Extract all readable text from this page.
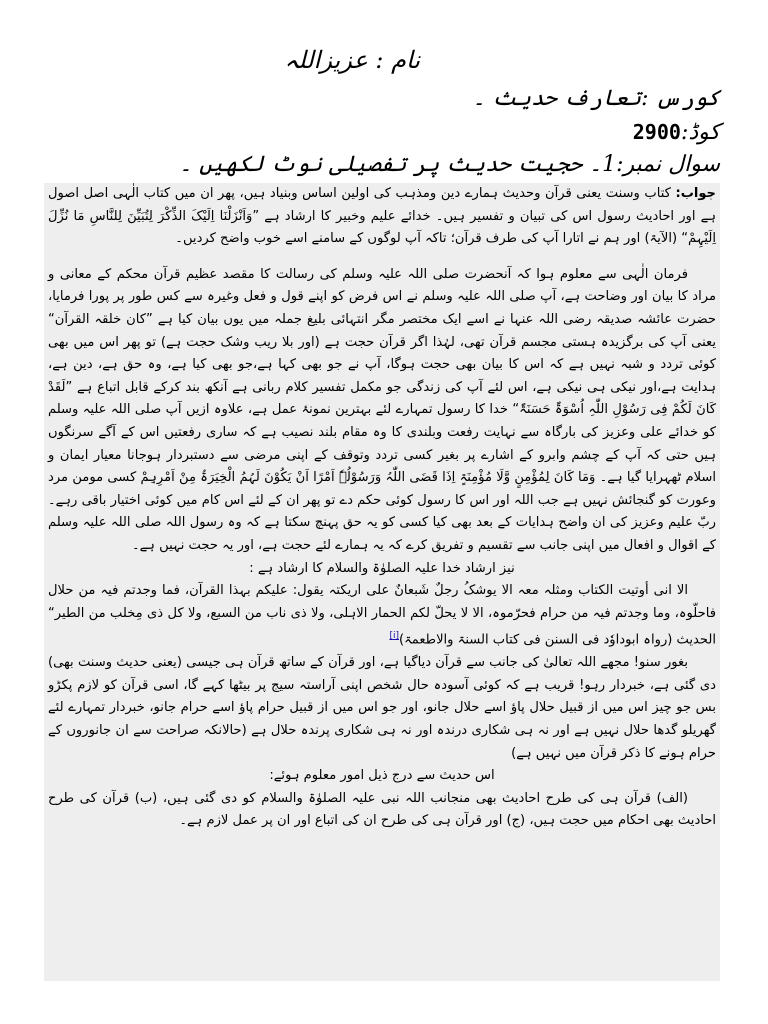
نام : عزیزاللہ
کورس :تعارف حدیث ۔
کوڈ:2900
سوال نمبر:1۔ حجیت حدیث پر تفصیلی نوٹ لکھیں ۔

جواب: کتاب وسنت یعنی قرآن وحدیث ہمارے دین ومذہب کی اولین اساس وبنیاد ہیں، پھر ان میں کتاب الٰہی اصل اصول ہے اور احادیث رسول اس کی تبیان و تفسیر ہیں۔ خدائے علیم وخبیر کا ارشاد ہے ”وَاَنْزَلْنَا اِلَیْکَ الذِّکْرَ لِتُبَیِّنَ لِلنَّاسِ مَا نُزِّلَ اِلَیْہِمْ“ (الآیۃ) اور ہم نے اتارا آپ کی طرف قرآن؛ تاکہ آپ لوگوں کے سامنے اسے خوب واضح کردیں۔

فرمان الٰہی سے معلوم ہوا کہ آنحضرت صلی اللہ علیہ وسلم کی رسالت کا مقصد عظیم قرآن محکم کے معانی و مراد کا بیان اور وضاحت ہے، آپ صلی اللہ علیہ وسلم نے اس فرض کو اپنے قول و فعل وغیرہ سے کس طور پر پورا فرمایا، حضرت عائشہ صدیقہ رضی اللہ عنہا نے اسے ایک مختصر مگر انتہائی بلیغ جملہ میں یوں بیان کیا ہے ”کان خلقہ القرآن“ یعنی آپ کی برگزیدہ ہستی مجسم قرآن تھی، لہٰذا اگر قرآن حجت ہے (اور بلا ریب وشک حجت ہے) تو پھر اس میں بھی کوئی تردد و شبہ نہیں ہے کہ اس کا بیان بھی حجت ہوگا، آپ نے جو بھی کہا ہے،جو بھی کیا ہے، وہ حق ہے، دین ہے، ہدایت ہے،اور نیکی ہی نیکی ہے، اس لئے آپ کی زندگی جو مکمل تفسیر کلام ربانی ہے آنکھ بند کرکے قابل اتباع ہے ”لَقَدْ کَانَ لَکُمْ فِی رَسُوْلِ اللّٰہِ اُسْوَۃٌ حَسَنَۃٌ“ خدا کا رسول تمہارے لئے بہترین نمونۂ عمل ہے، علاوہ ازیں آپ صلی اللہ علیہ وسلم کو خدائے علی وعزیز کی بارگاہ سے نہایت رفعت وبلندی کا وہ مقام بلند نصیب ہے کہ ساری رفعتیں اس کے آگے سرنگوں ہیں حتی کہ آپ کے چشم وابرو کے اشارے پر بغیر کسی تردد وتوقف کے اپنی مرضی سے دستبردار ہوجانا معیار ایمان و اسلام ٹھہرایا گیا ہے۔ وَمَا کَانَ لِمُؤْمِنٍ وَّلَا مُؤْمِنَۃٍ اِذَا قَضَی اللّٰہُ وَرَسُوْلُہٗ اَمْرًا اَنْ یَکُوْنَ لَہُمُ الْخِیَرَۃُ مِنْ اَمْرِہِمْ کسی مومن مرد وعورت کو گنجائش نہیں ہے جب اللہ اور اس کا رسول کوئی حکم دے تو پھر ان کے لئے اس کام میں کوئی اختیار باقی رہے۔ ربّ علیم وعزیز کی ان واضح ہدایات کے بعد بھی کیا کسی کو یہ حق پہنچ سکتا ہے کہ وہ رسول اللہ صلی اللہ علیہ وسلم کے اقوال و افعال میں اپنی جانب سے تقسیم و تفریق کرے کہ یہ ہمارے لئے حجت ہے، اور یہ حجت نہیں ہے۔

نیز ارشاد خدا علیہ الصلوٰۃ والسلام کا ارشاد ہے :

الا انی أوتیت الکتاب ومثلہ معہ الا یوشکُ رجلٌ شَبعانٌ علی اریکتہ یقول: علیکم بہذا القرآن، فما وجدتم فیہ من حلال فاحلّوہ، وما وجدتم فیہ من حرام فحرّموہ، الا لا یحلّ لکم الحمار الاہلی، ولا ذی ناب من السبع، ولا کل ذی مِخلب من الطیر“ الحدیث (رواہ ابوداوٗد فی السنن فی کتاب السنۃ والاطعمۃ)[i]

بغور سنو! مجھے اللہ تعالیٰ کی جانب سے قرآن دیاگیا ہے، اور قرآن کے ساتھ قرآن ہی جیسی (یعنی حدیث وسنت بھی) دی گئی ہے، خبردار رہو! قریب ہے کہ کوئی آسودہ حال شخص اپنی آراستہ سیج پر بیٹھا کہے گا، اسی قرآن کو لازم پکڑو بس جو چیز اس میں از قبیل حلال پاؤ اسے حلال جانو، اور جو اس میں از قبیل حرام پاؤ اسے حرام جانو، خبردار تمہارے لئے گھریلو گدھا حلال نہیں ہے اور نہ ہی شکاری درندہ اور نہ ہی شکاری پرندہ حلال ہے (حالانکہ صراحت سے ان جانوروں کے حرام ہونے کا ذکر قرآن میں نہیں ہے)

اس حدیث سے درج ذیل امور معلوم ہوئے:

(الف) قرآن ہی کی طرح احادیث بھی منجانب اللہ نبی علیہ الصلوٰۃ والسلام کو دی گئی ہیں، (ب) قرآن کی طرح احادیث بھی احکام میں حجت ہیں، (ج) اور قرآن ہی کی طرح ان کی اتباع اور ان پر عمل لازم ہے۔
